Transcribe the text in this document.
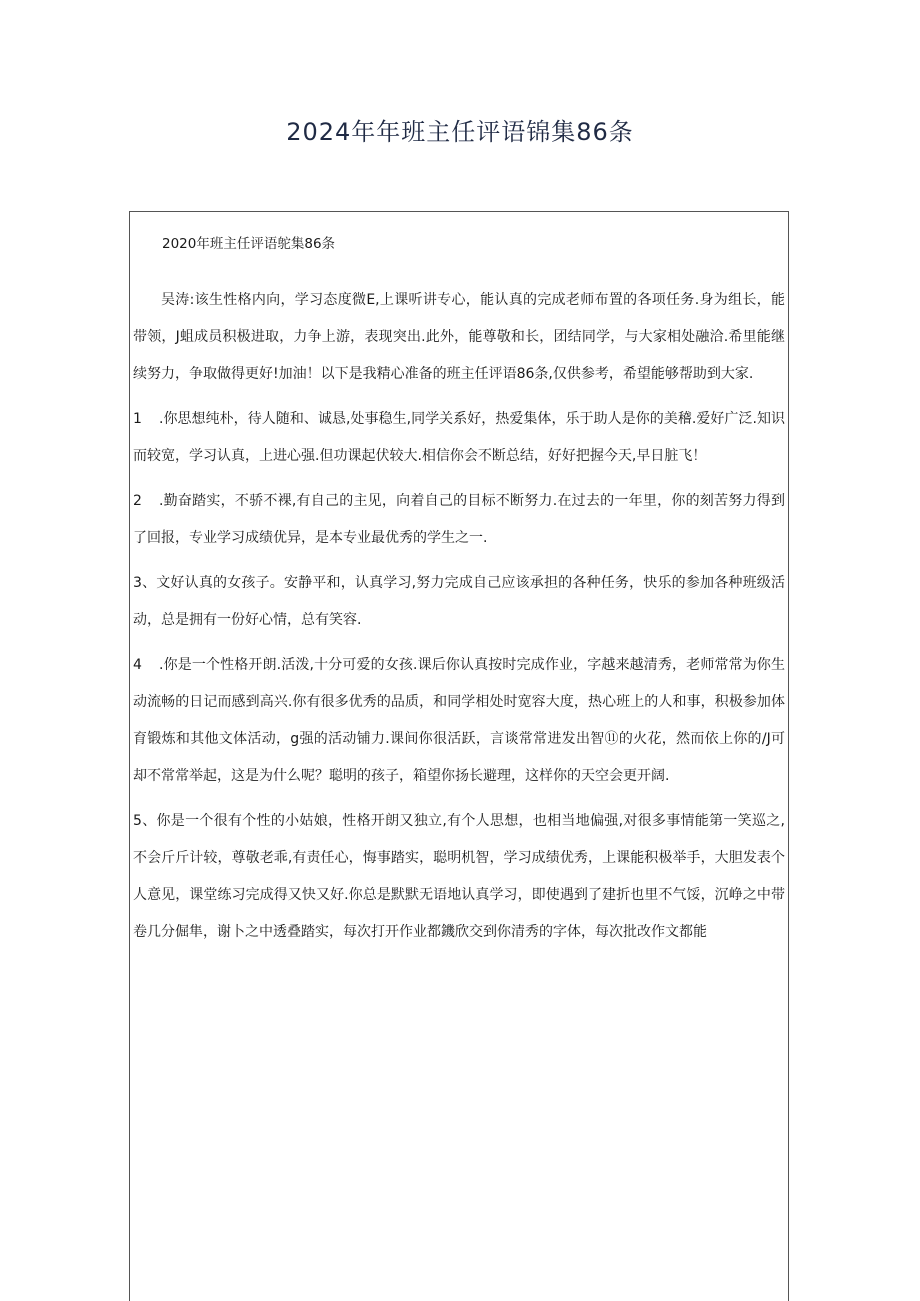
2024年年班主任评语锦集86条
2020年班主任评语鸵集86条

吴涛:该生性格内向，学习态度微E,上课听讲专心，能认真的完成老师布置的各项任务.身为组长，能带领，J蛆成员积极进取，力争上游，表现突出.此外，能尊敬和长，团结同学，与大家相处融洽.希里能继续努力，争取做得更好!加油！以下是我精心准备的班主任评语86条,仅供参考，希望能够帮助到大家.

1 .你思想纯朴，待人随和、诚恳,处事稳生,同学关系好，热爱集体，乐于助人是你的美稽.爱好广泛.知识而较宽，学习认真，上进心强.但功课起伏较大.相信你会不断总结，好好把握今天,早日脏飞！

2 .勤奋踏实，不骄不裸,有自己的主见，向着自己的目标不断努力.在过去的一年里，你的刻苦努力得到了回报，专业学习成绩优异，是本专业最优秀的学生之一.

3、文好认真的女孩子。安静平和，认真学习,努力完成自己应该承担的各种任务，快乐的参加各种班级活动，总是拥有一份好心情，总有笑容.

4 .你是一个性格开朗.活泼,十分可爱的女孩.课后你认真按时完成作业，字越来越清秀，老师常常为你生动流畅的日记而感到高兴.你有很多优秀的品质，和同学相处时宽容大度，热心班上的人和事，积极参加体育锻炼和其他文体活动，g强的活动铺力.课间你很活跃，言谈常常进发出智⑪的火花，然而依上你的/J可却不常常举起，这是为什么呢？聪明的孩子，箱望你扬长避理，这样你的天空会更开阔.

5、你是一个很有个性的小姑娘，性格开朗又独立,有个人思想，也相当地偏强,对很多事情能第一笑巡之,不会斤斤计较，尊敬老乖,有责任心，悔事踏实，聪明机智，学习成绩优秀，上课能积极举手，大胆发表个人意见，课堂练习完成得又快又好.你总是默默无语地认真学习，即使遇到了建折也里不气馁，沉峥之中带卷几分倔隼，谢卜之中透叠踏实，每次打开作业都鐖欣交到你清秀的字体，每次批改作文都能
